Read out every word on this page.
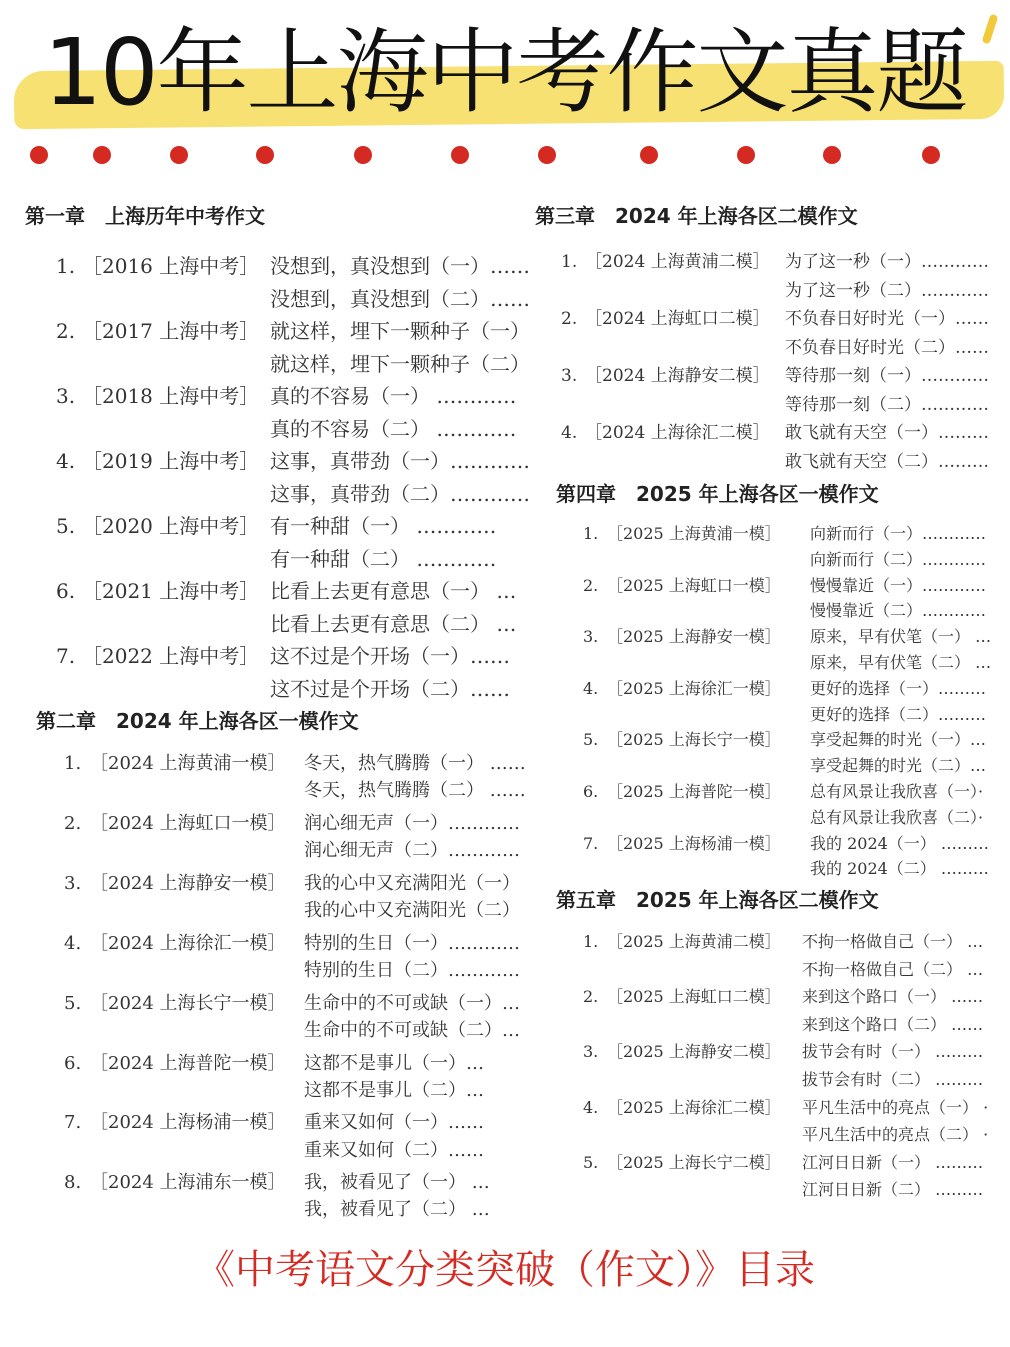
10年上海中考作文真题
第一章 上海历年中考作文
1. ［2016 上海中考］ 没想到，真没想到（一）……
没想到，真没想到（二）……
2. ［2017 上海中考］ 就这样，埋下一颗种子（一）
就这样，埋下一颗种子（二）
3. ［2018 上海中考］ 真的不容易（一） …………
真的不容易（二） …………
4. ［2019 上海中考］ 这事，真带劲（一）…………
这事，真带劲（二）…………
5. ［2020 上海中考］ 有一种甜（一） …………
有一种甜（二） …………
6. ［2021 上海中考］ 比看上去更有意思（一） …
比看上去更有意思（二） …
7. ［2022 上海中考］ 这不过是个开场（一）……
这不过是个开场（二）……
第二章 2024 年上海各区一模作文
1. ［2024 上海黄浦一模］ 冬天，热气腾腾（一） ……
冬天，热气腾腾（二） ……
2. ［2024 上海虹口一模］ 润心细无声（一）…………
润心细无声（二）…………
3. ［2024 上海静安一模］ 我的心中又充满阳光（一）
我的心中又充满阳光（二）
4. ［2024 上海徐汇一模］ 特别的生日（一）…………
特别的生日（二）…………
5. ［2024 上海长宁一模］ 生命中的不可或缺（一）…
生命中的不可或缺（二）…
6. ［2024 上海普陀一模］ 这都不是事儿（一）…
这都不是事儿（二）…
7. ［2024 上海杨浦一模］ 重来又如何（一）……
重来又如何（二）……
8. ［2024 上海浦东一模］ 我，被看见了（一） …
我，被看见了（二） …
第三章 2024 年上海各区二模作文
1. ［2024 上海黄浦二模］ 为了这一秒（一）…………
为了这一秒（二）…………
2. ［2024 上海虹口二模］ 不负春日好时光（一）……
不负春日好时光（二）……
3. ［2024 上海静安二模］ 等待那一刻（一）…………
等待那一刻（二）…………
4. ［2024 上海徐汇二模］ 敢飞就有天空（一）………
敢飞就有天空（二）………
第四章 2025 年上海各区一模作文
1. ［2025 上海黄浦一模］ 向新而行（一）…………
向新而行（二）…………
2. ［2025 上海虹口一模］ 慢慢靠近（一）…………
慢慢靠近（二）…………
3. ［2025 上海静安一模］ 原来，早有伏笔（一） …
原来，早有伏笔（二） …
4. ［2025 上海徐汇一模］ 更好的选择（一）………
更好的选择（二）………
5. ［2025 上海长宁一模］ 享受起舞的时光（一）…
享受起舞的时光（二）…
6. ［2025 上海普陀一模］ 总有风景让我欣喜（一）·
总有风景让我欣喜（二）·
7. ［2025 上海杨浦一模］ 我的 2024（一） ………
我的 2024（二） ………
第五章 2025 年上海各区二模作文
1. ［2025 上海黄浦二模］ 不拘一格做自己（一） …
不拘一格做自己（二） …
2. ［2025 上海虹口二模］ 来到这个路口（一） ……
来到这个路口（二） ……
3. ［2025 上海静安二模］ 拔节会有时（一） ………
拔节会有时（二） ………
4. ［2025 上海徐汇二模］ 平凡生活中的亮点（一） ·
平凡生活中的亮点（二） ·
5. ［2025 上海长宁二模］ 江河日日新（一） ………
江河日日新（二） ………
《中考语文分类突破（作文）》目录
